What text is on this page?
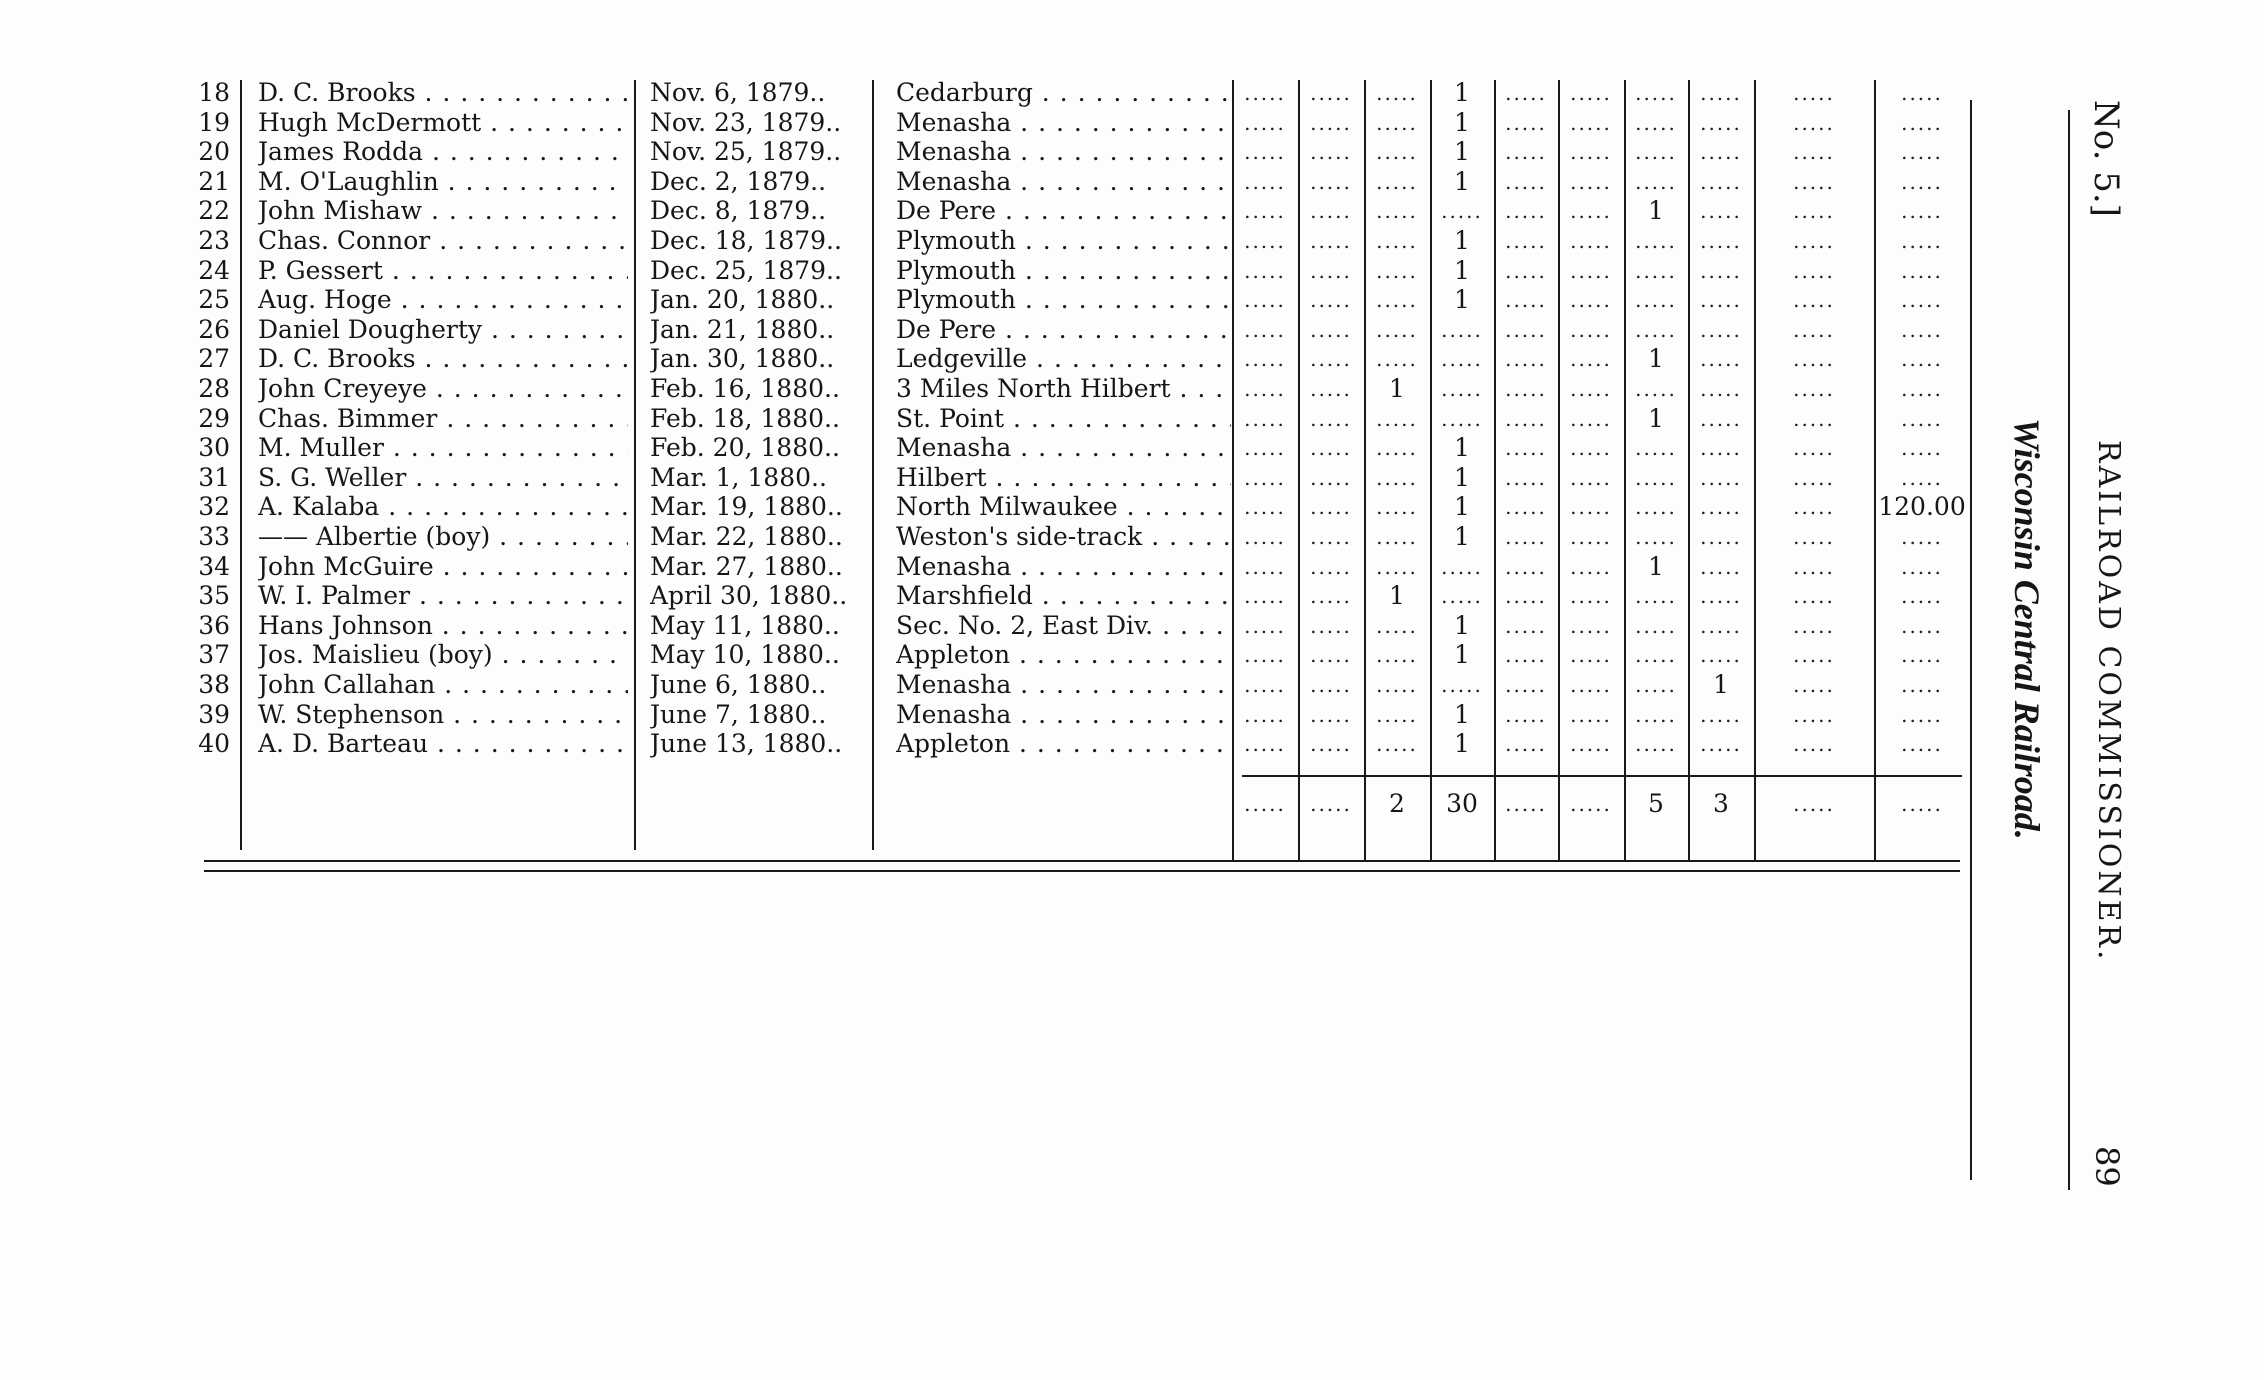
18 D. C. Brooks . . .	Nov. 6, 1879..	Cedarburg . . .	.....	.....	.....	1	.....	.....	.....	.....	.....	.....
19 Hugh McDermott . . .	Nov. 23, 1879..	Menasha . . .	.....	.....	.....	1	.....	.....	.....	.....	.....	.....
20 James Rodda . . .	Nov. 25, 1879..	Menasha . . .	.....	.....	.....	1	.....	.....	.....	.....	.....	.....
21 M. O'Laughlin . . .	Dec. 2, 1879..	Menasha . . .	.....	.....	.....	1	.....	.....	.....	.....	.....	.....
22 John Mishaw . . .	Dec. 8, 1879..	De Pere . . .	.....	.....	.....	.....	.....	.....	1	.....	.....	.....
23 Chas. Connor . . .	Dec. 18, 1879..	Plymouth . . .	.....	.....	.....	1	.....	.....	.....	.....	.....	.....
24 P. Gessert . . .	Dec. 25, 1879..	Plymouth . . .	.....	.....	.....	1	.....	.....	.....	.....	.....	.....
25 Aug. Hoge . . .	Jan. 20, 1880..	Plymouth . . .	.....	.....	.....	1	.....	.....	.....	.....	.....	.....
26 Daniel Dougherty . . .	Jan. 21, 1880..	De Pere . . .	.....	.....	.....	.....	.....	.....	.....	.....	.....	.....
27 D. C. Brooks . . .	Jan. 30, 1880..	Ledgeville . . .	.....	.....	.....	.....	.....	.....	1	.....	.....	.....
28 John Creyeye . . .	Feb. 16, 1880..	3 Miles North Hilbert . . .	.....	.....	1	.....	.....	.....	.....	.....	.....	.....
29 Chas. Bimmer . . .	Feb. 18, 1880..	St. Point . . .	.....	.....	.....	.....	.....	.....	1	.....	.....	.....
30 M. Muller . . .	Feb. 20, 1880..	Menasha . . .	.....	.....	.....	1	.....	.....	.....	.....	.....	.....
31 S. G. Weller . . .	Mar. 1, 1880..	Hilbert . . .	.....	.....	.....	1	.....	.....	.....	.....	.....	.....
32 A. Kalaba . . .	Mar. 19, 1880..	North Milwaukee . . .	.....	.....	.....	1	.....	.....	.....	.....	.....	120.00
33 —— Albertie (boy) . . .	Mar. 22, 1880..	Weston's side-track . . .	.....	.....	.....	1	.....	.....	.....	.....	.....	.....
34 John McGuire . . .	Mar. 27, 1880..	Menasha . . .	.....	.....	.....	.....	.....	.....	1	.....	.....	.....
35 W. I. Palmer . . .	April 30, 1880..	Marshfield . . .	.....	.....	1	.....	.....	.....	.....	.....	.....	.....
36 Hans Johnson . . .	May 11, 1880..	Sec. No. 2, East Div. . . .	.....	.....	.....	1	.....	.....	.....	.....	.....	.....
37 Jos. Maislieu (boy) . . .	May 10, 1880..	Appleton . . .	.....	.....	.....	1	.....	.....	.....	.....	.....	.....
38 John Callahan . . .	June 6, 1880..	Menasha . . .	.....	.....	.....	.....	.....	.....	.....	1	.....	.....
39 W. Stephenson . . .	June 7, 1880..	Menasha . . .	.....	.....	.....	1	.....	.....	.....	.....	.....	.....
40 A. D. Barteau . . .	June 13, 1880..	Appleton . . .	.....	.....	.....	1	.....	.....	.....	.....	.....	.....
.....	.....	2	30	.....	.....	5	3	.....	.....
No. 5.]
RAILROAD COMMISSIONER.
89
Wisconsin Central Railroad.
